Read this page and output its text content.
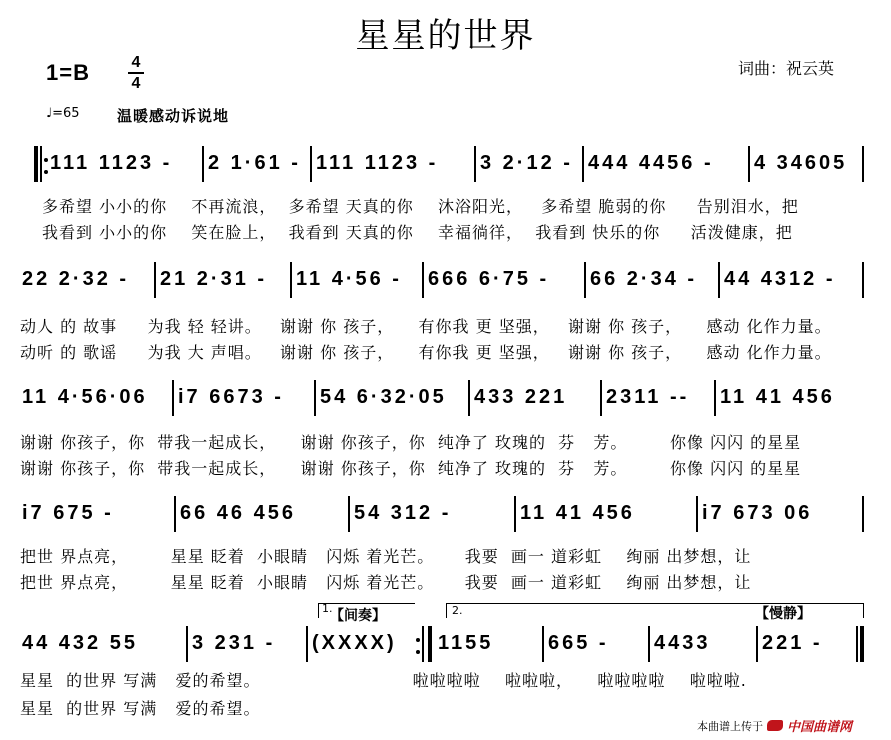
星星的世界
词曲：祝云英
1=B	4
4
♩=65 温暖感动诉说地
111 1123 - 2 1·61 - 111 1123 - 3 2·12 - 444 4456 - 4 34605
多希望 小小的你    不再流浪，  多希望 天真的你    沐浴阳光，   多希望 脆弱的你     告别泪水，把
我看到 小小的你    笑在脸上，  我看到 天真的你    幸福徜徉，  我看到 快乐的你     活泼健康，把
22 2·32 - 21 2·31 - 11 4·56 - 666 6·75 - 66 2·34 - 44 4312 -
动人 的 故事     为我 轻 轻讲。   谢谢 你 孩子，    有你我 更 坚强，   谢谢 你 孩子，    感动 化作力量。
动听 的 歌谣     为我 大 声唱。   谢谢 你 孩子，    有你我 更 坚强，   谢谢 你 孩子，    感动 化作力量。
11 4·56·06 i7 6673 - 54 6·32·05 433 221 2311 -- 11 41 456
谢谢 你孩子，你  带我一起成长，    谢谢 你孩子，你  纯净了 玫瑰的  芬   芳。       你像 闪闪 的星星
谢谢 你孩子，你  带我一起成长，    谢谢 你孩子，你  纯净了 玫瑰的  芬   芳。       你像 闪闪 的星星
i7 675 -	66 46 456	54 312 -	11 41 456	i7 673 06
把世 界点亮，       星星 眨着  小眼睛   闪烁 着光芒。     我要  画一 道彩虹    绚丽 出梦想，让
把世 界点亮，       星星 眨着  小眼睛   闪烁 着光芒。     我要  画一 道彩虹    绚丽 出梦想，让
1.
【间奏】	2.	【慢静】
44 432 55	3 231 - (XXXX) 1155	665 - 4433	221 -
星星  的世界 写满   爱的希望。                         啦啦啦啦    啦啦啦，    啦啦啦啦    啦啦啦.
星星  的世界 写满   爱的希望。
本曲谱上传于 中国曲谱网
